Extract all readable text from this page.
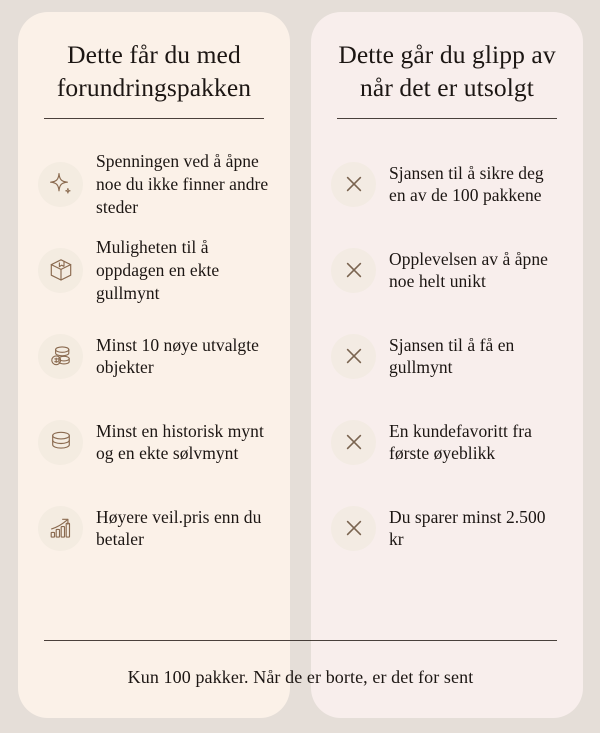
Dette får du med forundringspakken
Spenningen ved å åpne noe du ikke finner andre steder
Muligheten til å oppdagen en ekte gullmynt
Minst 10 nøye utvalgte objekter
Minst en historisk mynt og en ekte sølvmynt
Høyere veil.pris enn du betaler
Dette går du glipp av når det er utsolgt
Sjansen til å sikre deg en av de 100 pakkene
Opplevelsen av å åpne noe helt unikt
Sjansen til å få en gullmynt
En kundefavoritt fra første øyeblikk
Du sparer minst 2.500 kr
Kun 100 pakker. Når de er borte, er det for sent
